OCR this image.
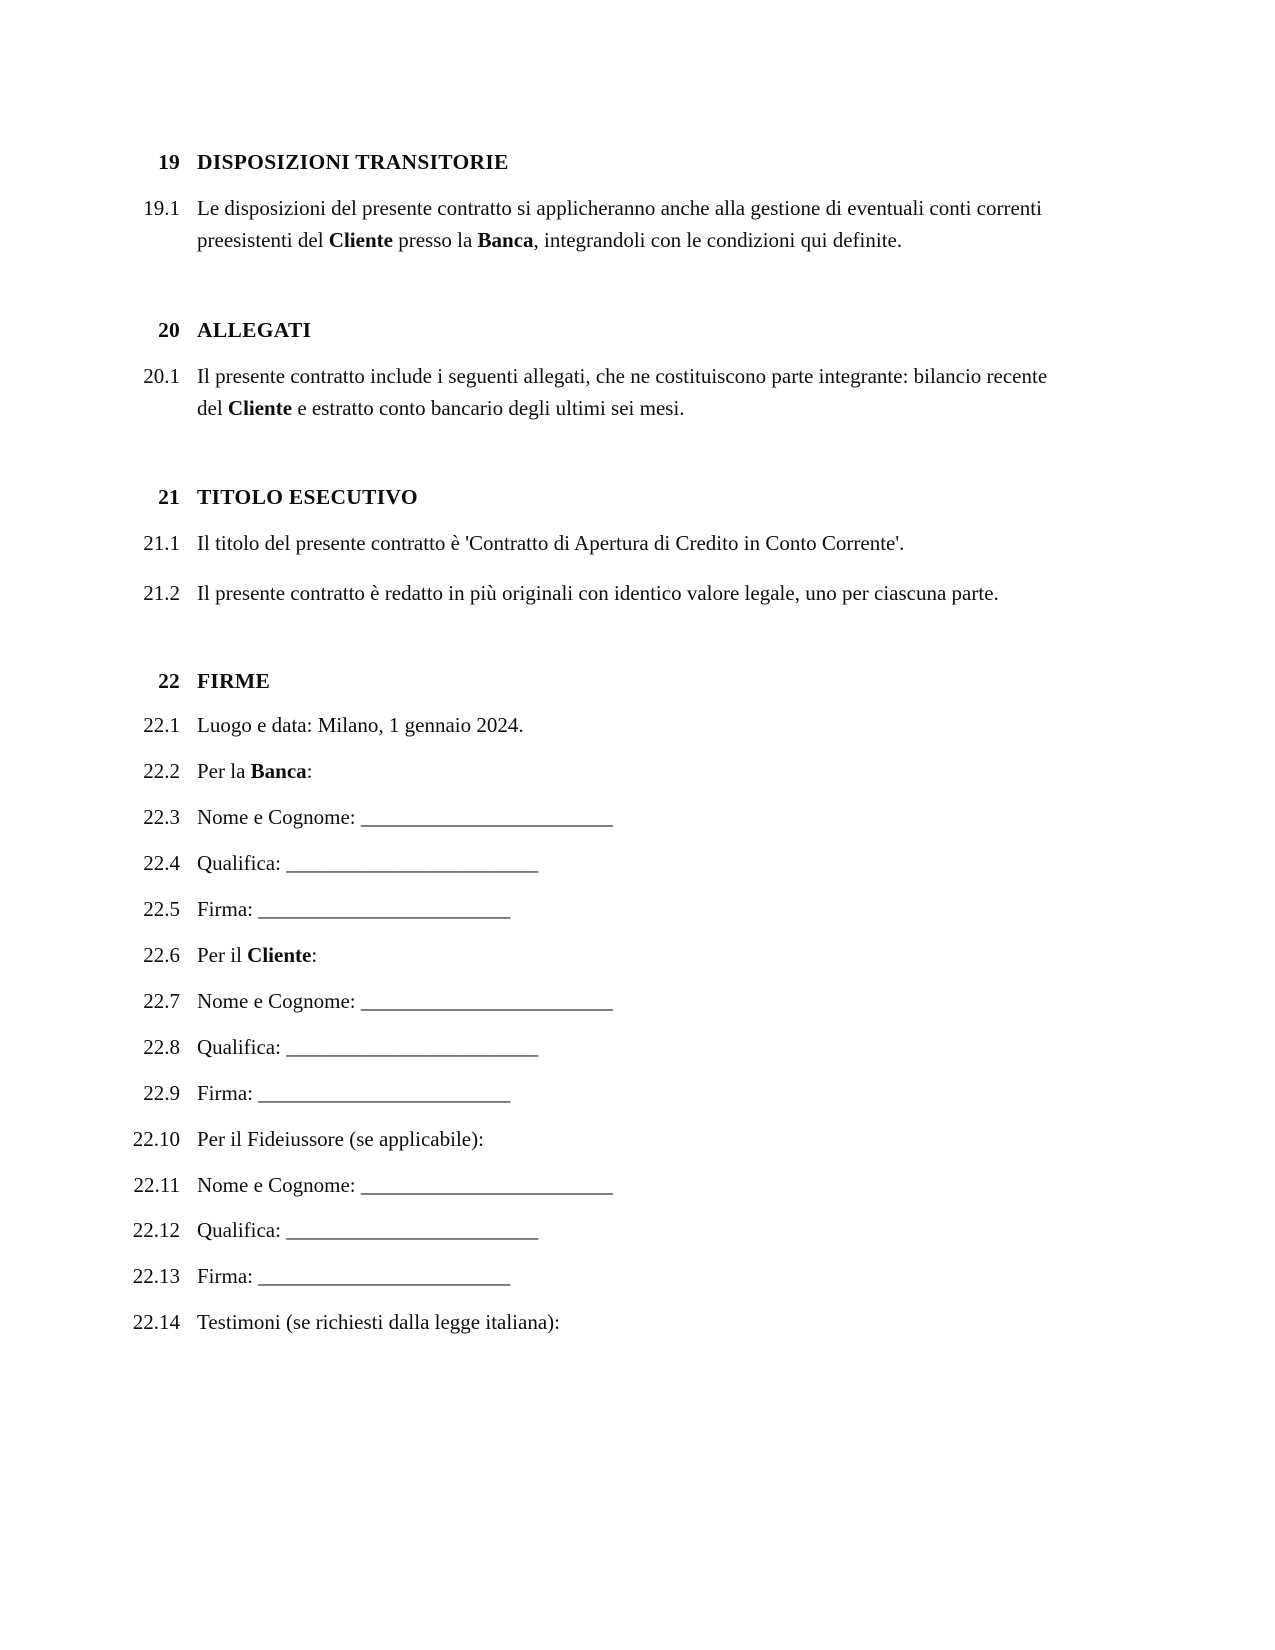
19 DISPOSIZIONI TRANSITORIE
19.1 Le disposizioni del presente contratto si applicheranno anche alla gestione di eventuali conti correnti preesistenti del Cliente presso la Banca, integrandoli con le condizioni qui definite.
20 ALLEGATI
20.1 Il presente contratto include i seguenti allegati, che ne costituiscono parte integrante: bilancio recente del Cliente e estratto conto bancario degli ultimi sei mesi.
21 TITOLO ESECUTIVO
21.1 Il titolo del presente contratto è 'Contratto di Apertura di Credito in Conto Corrente'.
21.2 Il presente contratto è redatto in più originali con identico valore legale, uno per ciascuna parte.
22 FIRME
22.1 Luogo e data: Milano, 1 gennaio 2024.
22.2 Per la Banca:
22.3 Nome e Cognome: ________________________
22.4 Qualifica: ________________________
22.5 Firma: ________________________
22.6 Per il Cliente:
22.7 Nome e Cognome: ________________________
22.8 Qualifica: ________________________
22.9 Firma: ________________________
22.10 Per il Fideiussore (se applicabile):
22.11 Nome e Cognome: ________________________
22.12 Qualifica: ________________________
22.13 Firma: ________________________
22.14 Testimoni (se richiesti dalla legge italiana):
